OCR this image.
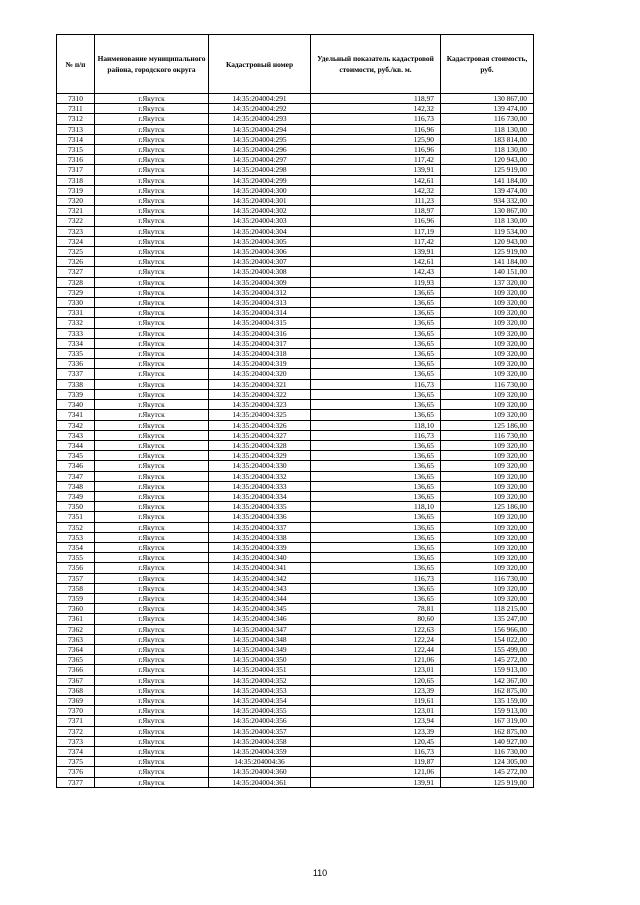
№ п/п	Наименование муниципального района, городского округа	Кадастровый номер	Удельный показатель кадастровой стоимости, руб./кв. м.	Кадастровая стоимость, руб.
7310	г.Якутск	14:35:204004:291	118,97	130 867,00
7311	г.Якутск	14:35:204004:292	142,32	139 474,00
7312	г.Якутск	14:35:204004:293	116,73	116 730,00
7313	г.Якутск	14:35:204004:294	116,96	118 130,00
7314	г.Якутск	14:35:204004:295	125,90	183 814,00
7315	г.Якутск	14:35:204004:296	116,96	118 130,00
7316	г.Якутск	14:35:204004:297	117,42	120 943,00
7317	г.Якутск	14:35:204004:298	139,91	125 919,00
7318	г.Якутск	14:35:204004:299	142,61	141 184,00
7319	г.Якутск	14:35:204004:300	142,32	139 474,00
7320	г.Якутск	14:35:204004:301	111,23	934 332,00
7321	г.Якутск	14:35:204004:302	118,97	130 867,00
7322	г.Якутск	14:35:204004:303	116,96	118 130,00
7323	г.Якутск	14:35:204004:304	117,19	119 534,00
7324	г.Якутск	14:35:204004:305	117,42	120 943,00
7325	г.Якутск	14:35:204004:306	139,91	125 919,00
7326	г.Якутск	14:35:204004:307	142,61	141 184,00
7327	г.Якутск	14:35:204004:308	142,43	140 151,00
7328	г.Якутск	14:35:204004:309	119,93	137 320,00
7329	г.Якутск	14:35:204004:312	136,65	109 320,00
7330	г.Якутск	14:35:204004:313	136,65	109 320,00
7331	г.Якутск	14:35:204004:314	136,65	109 320,00
7332	г.Якутск	14:35:204004:315	136,65	109 320,00
7333	г.Якутск	14:35:204004:316	136,65	109 320,00
7334	г.Якутск	14:35:204004:317	136,65	109 320,00
7335	г.Якутск	14:35:204004:318	136,65	109 320,00
7336	г.Якутск	14:35:204004:319	136,65	109 320,00
7337	г.Якутск	14:35:204004:320	136,65	109 320,00
7338	г.Якутск	14:35:204004:321	116,73	116 730,00
7339	г.Якутск	14:35:204004:322	136,65	109 320,00
7340	г.Якутск	14:35:204004:323	136,65	109 320,00
7341	г.Якутск	14:35:204004:325	136,65	109 320,00
7342	г.Якутск	14:35:204004:326	118,10	125 186,00
7343	г.Якутск	14:35:204004:327	116,73	116 730,00
7344	г.Якутск	14:35:204004:328	136,65	109 320,00
7345	г.Якутск	14:35:204004:329	136,65	109 320,00
7346	г.Якутск	14:35:204004:330	136,65	109 320,00
7347	г.Якутск	14:35:204004:332	136,65	109 320,00
7348	г.Якутск	14:35:204004:333	136,65	109 320,00
7349	г.Якутск	14:35:204004:334	136,65	109 320,00
7350	г.Якутск	14:35:204004:335	118,10	125 186,00
7351	г.Якутск	14:35:204004:336	136,65	109 320,00
7352	г.Якутск	14:35:204004:337	136,65	109 320,00
7353	г.Якутск	14:35:204004:338	136,65	109 320,00
7354	г.Якутск	14:35:204004:339	136,65	109 320,00
7355	г.Якутск	14:35:204004:340	136,65	109 320,00
7356	г.Якутск	14:35:204004:341	136,65	109 320,00
7357	г.Якутск	14:35:204004:342	116,73	116 730,00
7358	г.Якутск	14:35:204004:343	136,65	109 320,00
7359	г.Якутск	14:35:204004:344	136,65	109 320,00
7360	г.Якутск	14:35:204004:345	78,81	118 215,00
7361	г.Якутск	14:35:204004:346	80,60	135 247,00
7362	г.Якутск	14:35:204004:347	122,63	156 966,00
7363	г.Якутск	14:35:204004:348	122,24	154 022,00
7364	г.Якутск	14:35:204004:349	122,44	155 499,00
7365	г.Якутск	14:35:204004:350	121,06	145 272,00
7366	г.Якутск	14:35:204004:351	123,01	159 913,00
7367	г.Якутск	14:35:204004:352	120,65	142 367,00
7368	г.Якутск	14:35:204004:353	123,39	162 875,00
7369	г.Якутск	14:35:204004:354	119,61	135 159,00
7370	г.Якутск	14:35:204004:355	123,01	159 913,00
7371	г.Якутск	14:35:204004:356	123,94	167 319,00
7372	г.Якутск	14:35:204004:357	123,39	162 875,00
7373	г.Якутск	14:35:204004:358	120,45	140 927,00
7374	г.Якутск	14:35:204004:359	116,73	116 730,00
7375	г.Якутск	14:35:204004:36	119,87	124 305,00
7376	г.Якутск	14:35:204004:360	121,06	145 272,00
7377	г.Якутск	14:35:204004:361	139,91	125 919,00
110
